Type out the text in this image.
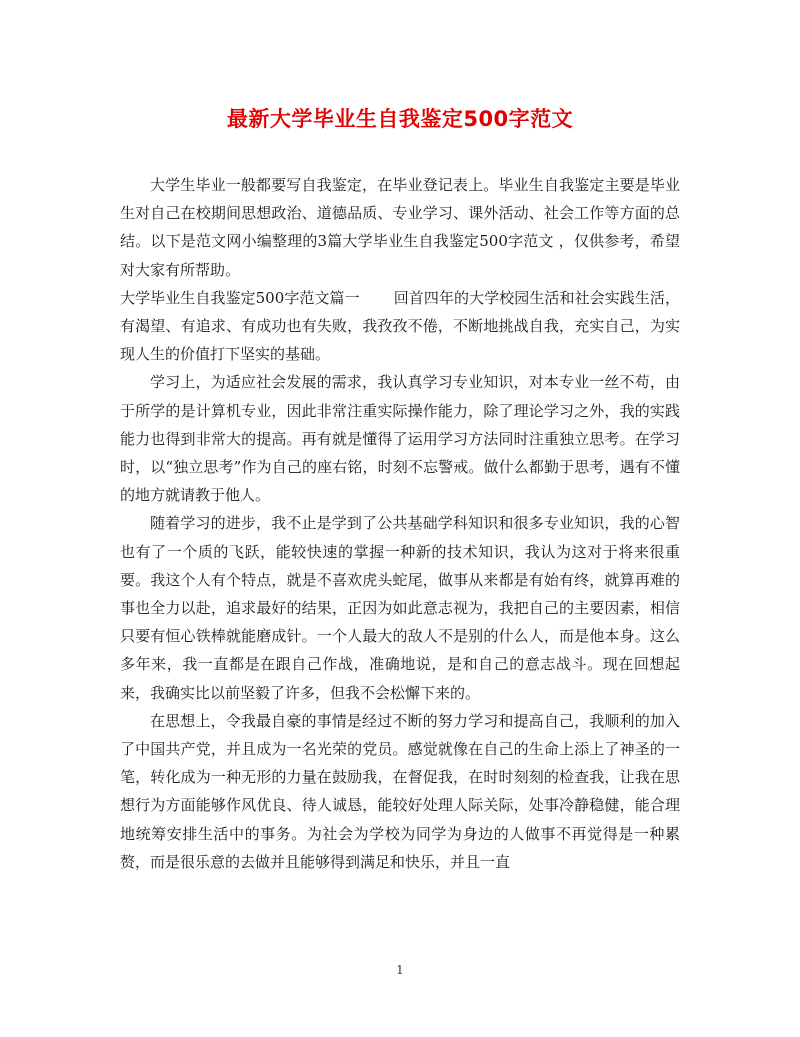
最新大学毕业生自我鉴定500字范文

大学生毕业一般都要写自我鉴定，在毕业登记表上。毕业生自我鉴定主要是毕业生对自己在校期间思想政治、道德品质、专业学习、课外活动、社会工作等方面的总结。以下是范文网小编整理的3篇大学毕业生自我鉴定500字范文 ，仅供参考，希望对大家有所帮助。

大学毕业生自我鉴定500字范文篇一 回首四年的大学校园生活和社会实践生活，有渴望、有追求、有成功也有失败，我孜孜不倦，不断地挑战自我，充实自己，为实现人生的价值打下坚实的基础。

学习上，为适应社会发展的需求，我认真学习专业知识，对本专业一丝不苟，由于所学的是计算机专业，因此非常注重实际操作能力，除了理论学习之外，我的实践能力也得到非常大的提高。再有就是懂得了运用学习方法同时注重独立思考。在学习时，以“独立思考”作为自己的座右铭，时刻不忘警戒。做什么都勤于思考，遇有不懂的地方就请教于他人。

随着学习的进步，我不止是学到了公共基础学科知识和很多专业知识，我的心智也有了一个质的飞跃，能较快速的掌握一种新的技术知识，我认为这对于将来很重要。我这个人有个特点，就是不喜欢虎头蛇尾，做事从来都是有始有终，就算再难的事也全力以赴，追求最好的结果，正因为如此意志视为，我把自己的主要因素，相信只要有恒心铁棒就能磨成针。一个人最大的敌人不是别的什么人，而是他本身。这么多年来，我一直都是在跟自己作战，准确地说，是和自己的意志战斗。现在回想起来，我确实比以前坚毅了许多，但我不会松懈下来的。

在思想上，令我最自豪的事情是经过不断的努力学习和提高自己，我顺利的加入了中国共产党，并且成为一名光荣的党员。感觉就像在自己的生命上添上了神圣的一笔，转化成为一种无形的力量在鼓励我，在督促我，在时时刻刻的检查我，让我在思想行为方面能够作风优良、待人诚恳，能较好处理人际关际，处事冷静稳健，能合理地统筹安排生活中的事务。为社会为学校为同学为身边的人做事不再觉得是一种累赘，而是很乐意的去做并且能够得到满足和快乐，并且一直

1
